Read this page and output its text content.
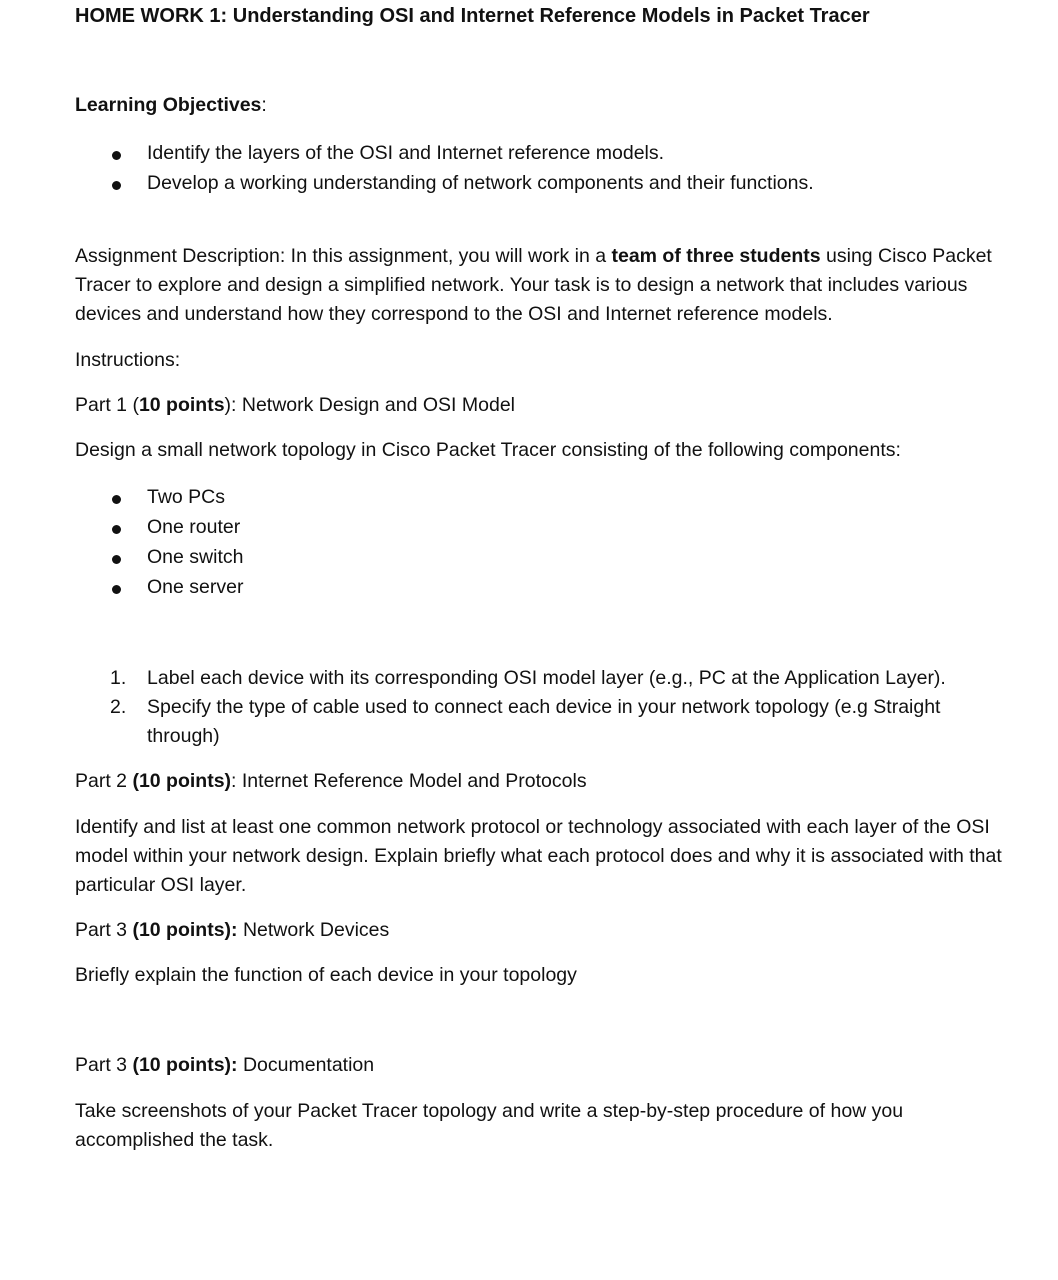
HOME WORK 1: Understanding OSI and Internet Reference Models in Packet Tracer

Learning Objectives:

Identify the layers of the OSI and Internet reference models.
Develop a working understanding of network components and their functions.

Assignment Description: In this assignment, you will work in a team of three students using Cisco Packet Tracer to explore and design a simplified network. Your task is to design a network that includes various devices and understand how they correspond to the OSI and Internet reference models.

Instructions:

Part 1 (10 points): Network Design and OSI Model

Design a small network topology in Cisco Packet Tracer consisting of the following components:

Two PCs
One router
One switch
One server
1. Label each device with its corresponding OSI model layer (e.g., PC at the Application Layer).
2. Specify the type of cable used to connect each device in your network topology (e.g Straight through)

Part 2 (10 points): Internet Reference Model and Protocols

Identify and list at least one common network protocol or technology associated with each layer of the OSI model within your network design. Explain briefly what each protocol does and why it is associated with that particular OSI layer.

Part 3 (10 points): Network Devices

Briefly explain the function of each device in your topology

Part 3 (10 points): Documentation

Take screenshots of your Packet Tracer topology and write a step-by-step procedure of how you accomplished the task.
